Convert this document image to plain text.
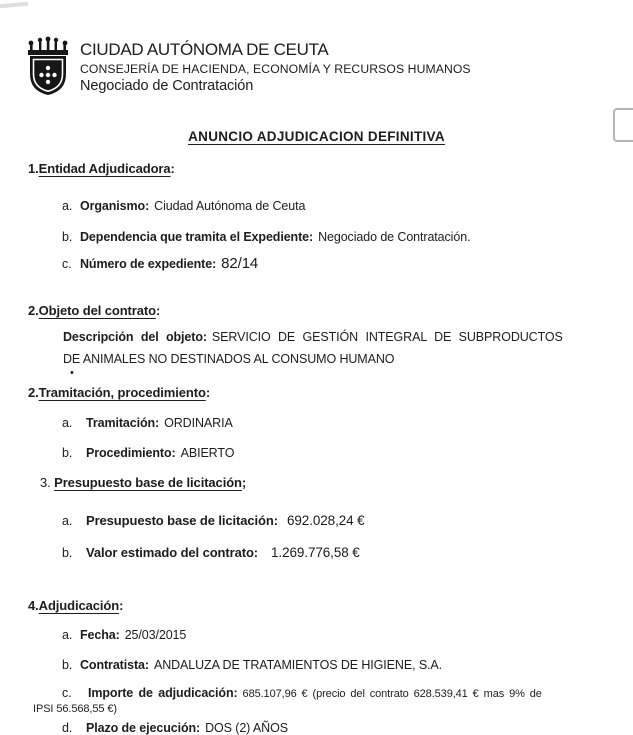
CIUDAD AUTÓNOMA DE CEUTA
CONSEJERÍA DE HACIENDA, ECONOMÍA Y RECURSOS HUMANOS
Negociado de Contratación
ANUNCIO ADJUDICACION DEFINITIVA
1.Entidad Adjudicadora:
a. Organismo: Ciudad Autónoma de Ceuta
b. Dependencia que tramita el Expediente: Negociado de Contratación.
c. Número de expediente: 82/14
2.Objeto del contrato:
Descripción del objeto: SERVICIO DE GESTIÓN INTEGRAL DE SUBPRODUCTOS
DE ANIMALES NO DESTINADOS AL CONSUMO HUMANO
•
2.Tramitación, procedimiento:
a. Tramitación: ORDINARIA
b. Procedimiento: ABIERTO
3. Presupuesto base de licitación;
a. Presupuesto base de licitación: 692.028,24 €
b. Valor estimado del contrato: 1.269.776,58 €
4.Adjudicación:
a. Fecha: 25/03/2015
b. Contratista: ANDALUZA DE TRATAMIENTOS DE HIGIENE, S.A.
c. Importe de adjudicación: 685.107,96 € (precio del contrato 628.539,41 € mas 9% de
IPSI 56.568,55 €)
d. Plazo de ejecución: DOS (2) AÑOS
